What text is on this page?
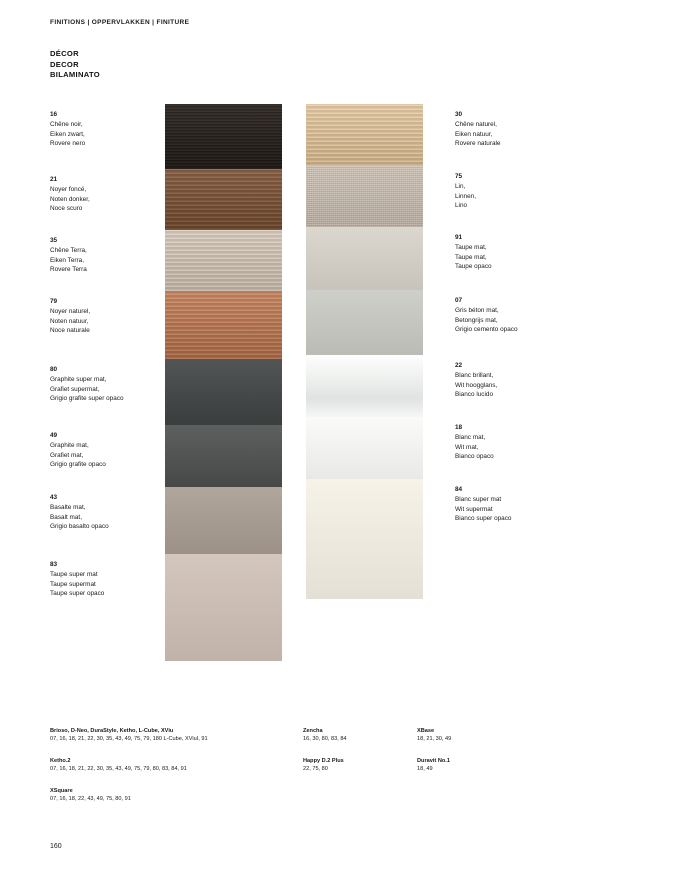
FINITIONS | OPPERVLAKKEN | FINITURE
DÉCOR
DECOR
BILAMINATO
16
Chêne noir,
Eiken zwart,
Rovere nero
21
Noyer foncé,
Noten donker,
Noce scuro
35
Chêne Terra,
Eiken Terra,
Rovere Terra
79
Noyer naturel,
Noten natuur,
Noce naturale
80
Graphite super mat,
Grafiet supermat,
Grigio grafite super opaco
49
Graphite mat,
Grafiet mat,
Grigio grafite opaco
43
Basalte mat,
Basalt mat,
Grigio basalto opaco
83
Taupe super mat
Taupe supermat
Taupe super opaco
30
Chêne naturel,
Eiken natuur,
Rovere naturale
75
Lin,
Linnen,
Lino
91
Taupe mat,
Taupe mat,
Taupe opaco
07
Gris béton mat,
Betongrijs mat,
Grigio cemento opaco
22
Blanc brillant,
Wit hoogglans,
Bianco lucido
18
Blanc mat,
Wit mat,
Bianco opaco
84
Blanc super mat
Wit supermat
Bianco super opaco
Brioso, D-Neo, DuraStyle, Ketho, L-Cube, XViu
07, 16, 18, 21, 22, 30, 35, 43, 49, 75, 79, 180 L-Cube, XViuI, 91
Ketho.2
07, 16, 18, 21, 22, 30, 35, 43, 49, 75, 79, 80, 83, 84, 91
XSquare
07, 16, 18, 22, 43, 49, 75, 80, 91
Zencha
16, 30, 80, 83, 84
Happy D.2 Plus
22, 75, 80
XBase
18, 21, 30, 49
Duravit No.1
18, 49
160
